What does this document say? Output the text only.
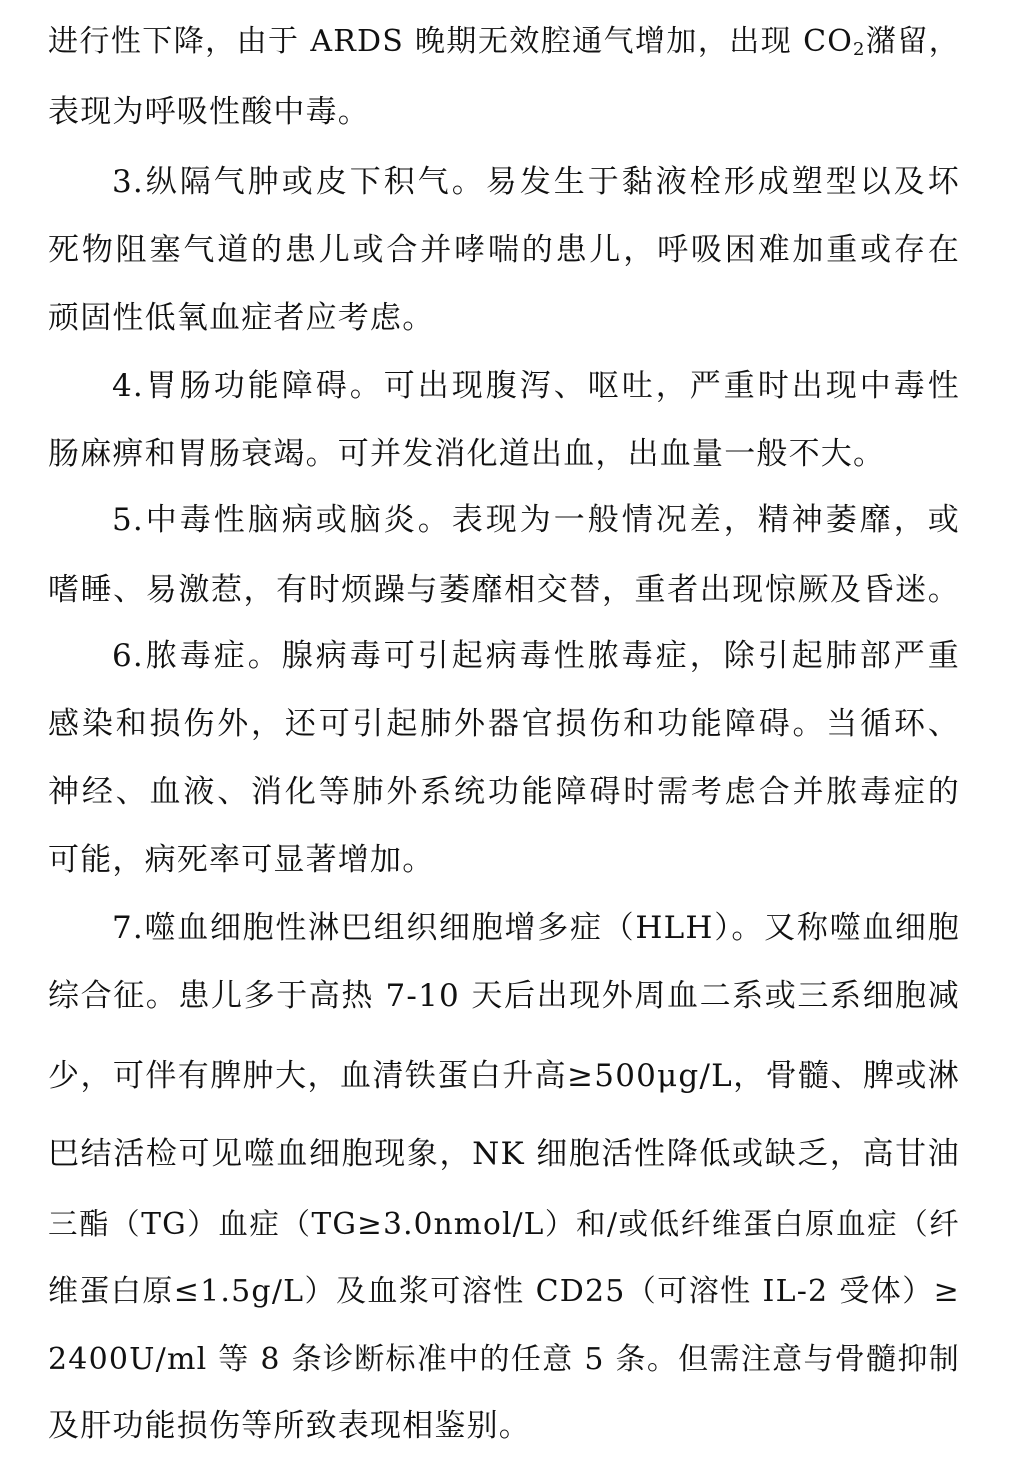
进行性下降，由于 ARDS 晚期无效腔通气增加，出现 $CO_2$潴留，
表现为呼吸性酸中毒。
3.纵隔气肿或皮下积气。易发生于黏液栓形成塑型以及坏
死物阻塞气道的患儿或合并哮喘的患儿，呼吸困难加重或存在
顽固性低氧血症者应考虑。
4.胃肠功能障碍。可出现腹泻、呕吐，严重时出现中毒性
肠麻痹和胃肠衰竭。可并发消化道出血，出血量一般不大。
5.中毒性脑病或脑炎。表现为一般情况差，精神萎靡，或
嗜睡、易激惹，有时烦躁与萎靡相交替，重者出现惊厥及昏迷。
6.脓毒症。腺病毒可引起病毒性脓毒症，除引起肺部严重
感染和损伤外，还可引起肺外器官损伤和功能障碍。当循环、
神经、血液、消化等肺外系统功能障碍时需考虑合并脓毒症的
可能，病死率可显著增加。
7.噬血细胞性淋巴组织细胞增多症（HLH）。又称噬血细胞
综合征。患儿多于高热 7-10 天后出现外周血二系或三系细胞减
少，可伴有脾肿大，血清铁蛋白升高≥500μg/L，骨髓、脾或淋
巴结活检可见噬血细胞现象，NK 细胞活性降低或缺乏，高甘油
三酯（TG）血症（TG≥3.0nmol/L）和/或低纤维蛋白原血症（纤
维蛋白原≤1.5g/L）及血浆可溶性 CD25（可溶性 IL-2 受体）≥
2400U/ml 等 8 条诊断标准中的任意 5 条。但需注意与骨髓抑制
及肝功能损伤等所致表现相鉴别。
